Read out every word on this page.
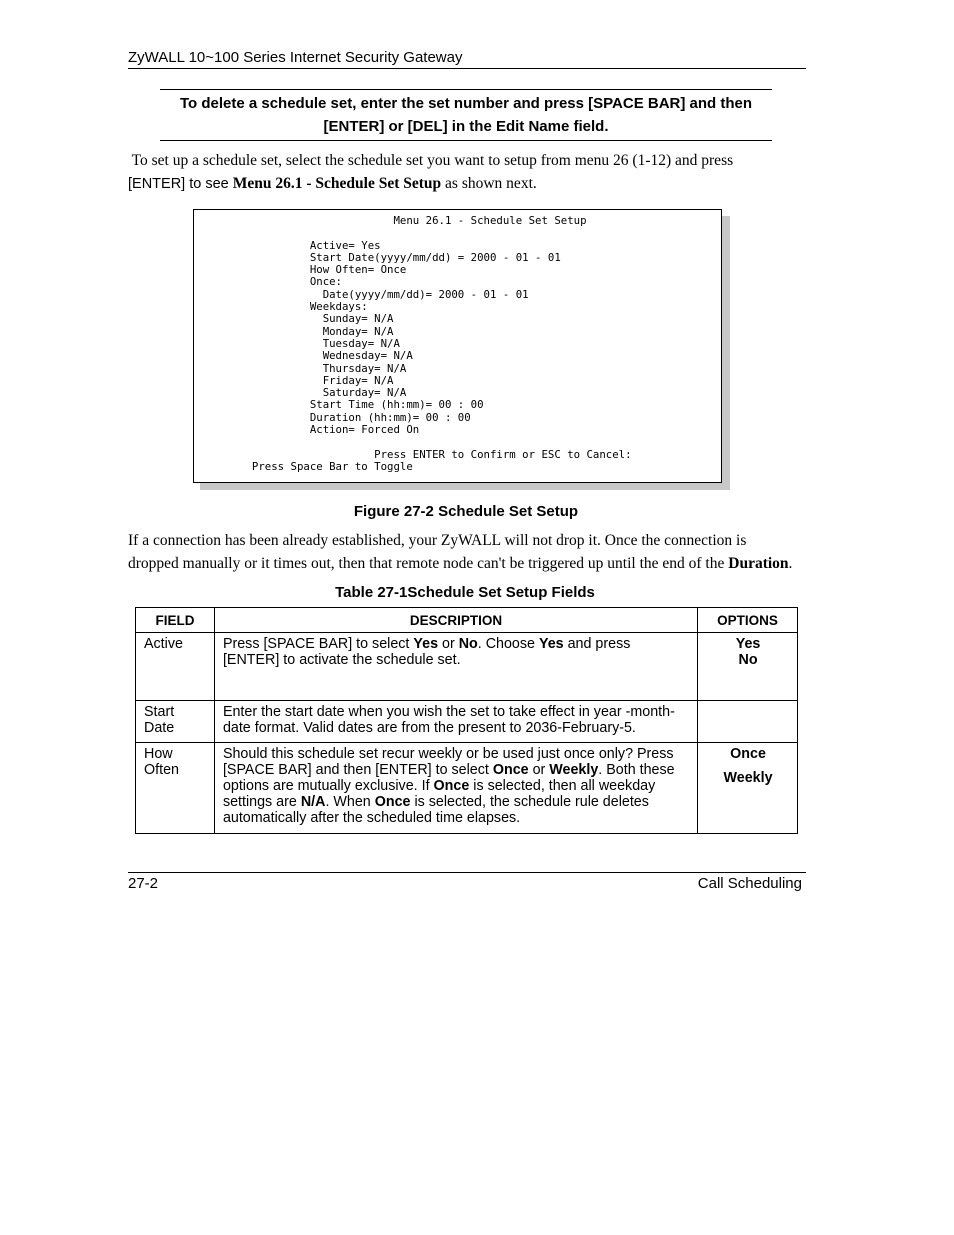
ZyWALL 10~100 Series Internet Security Gateway
To delete a schedule set, enter the set number and press [SPACE BAR] and then
[ENTER] or [DEL] in the Edit Name field.
To set up a schedule set, select the schedule set you want to setup from menu 26 (1-12) and press
[ENTER] to see Menu 26.1 - Schedule Set Setup as shown next.
Menu 26.1 - Schedule Set Setup

Active= Yes
Start Date(yyyy/mm/dd) = 2000 - 01 - 01
How Often= Once
Once:
Date(yyyy/mm/dd)= 2000 - 01 - 01
Weekdays:
Sunday= N/A
Monday= N/A
Tuesday= N/A
Wednesday= N/A
Thursday= N/A
Friday= N/A
Saturday= N/A
Start Time (hh:mm)= 00 : 00
Duration (hh:mm)= 00 : 00
Action= Forced On

Press ENTER to Confirm or ESC to Cancel:
Press Space Bar to Toggle
Figure 27-2 Schedule Set Setup
If a connection has been already established, your ZyWALL will not drop it. Once the connection is
dropped manually or it times out, then that remote node can't be triggered up until the end of the Duration.
Table 27-1Schedule Set Setup Fields
FIELD	DESCRIPTION	OPTIONS
Active	Press [SPACE BAR] to select Yes or No. Choose Yes and press [ENTER] to activate the schedule set.	Yes
No

Start Date	Enter the start date when you wish the set to take effect in year -month-date format. Valid dates are from the present to 2036-February-5.	
How Often	Should this schedule set recur weekly or be used just once only? Press [SPACE BAR] and then [ENTER] to select Once or Weekly. Both these options are mutually exclusive. If Once is selected, then all weekday settings are N/A. When Once is selected, the schedule rule deletes automatically after the scheduled time elapses.	Once
Weekly
27-2	Call Scheduling
